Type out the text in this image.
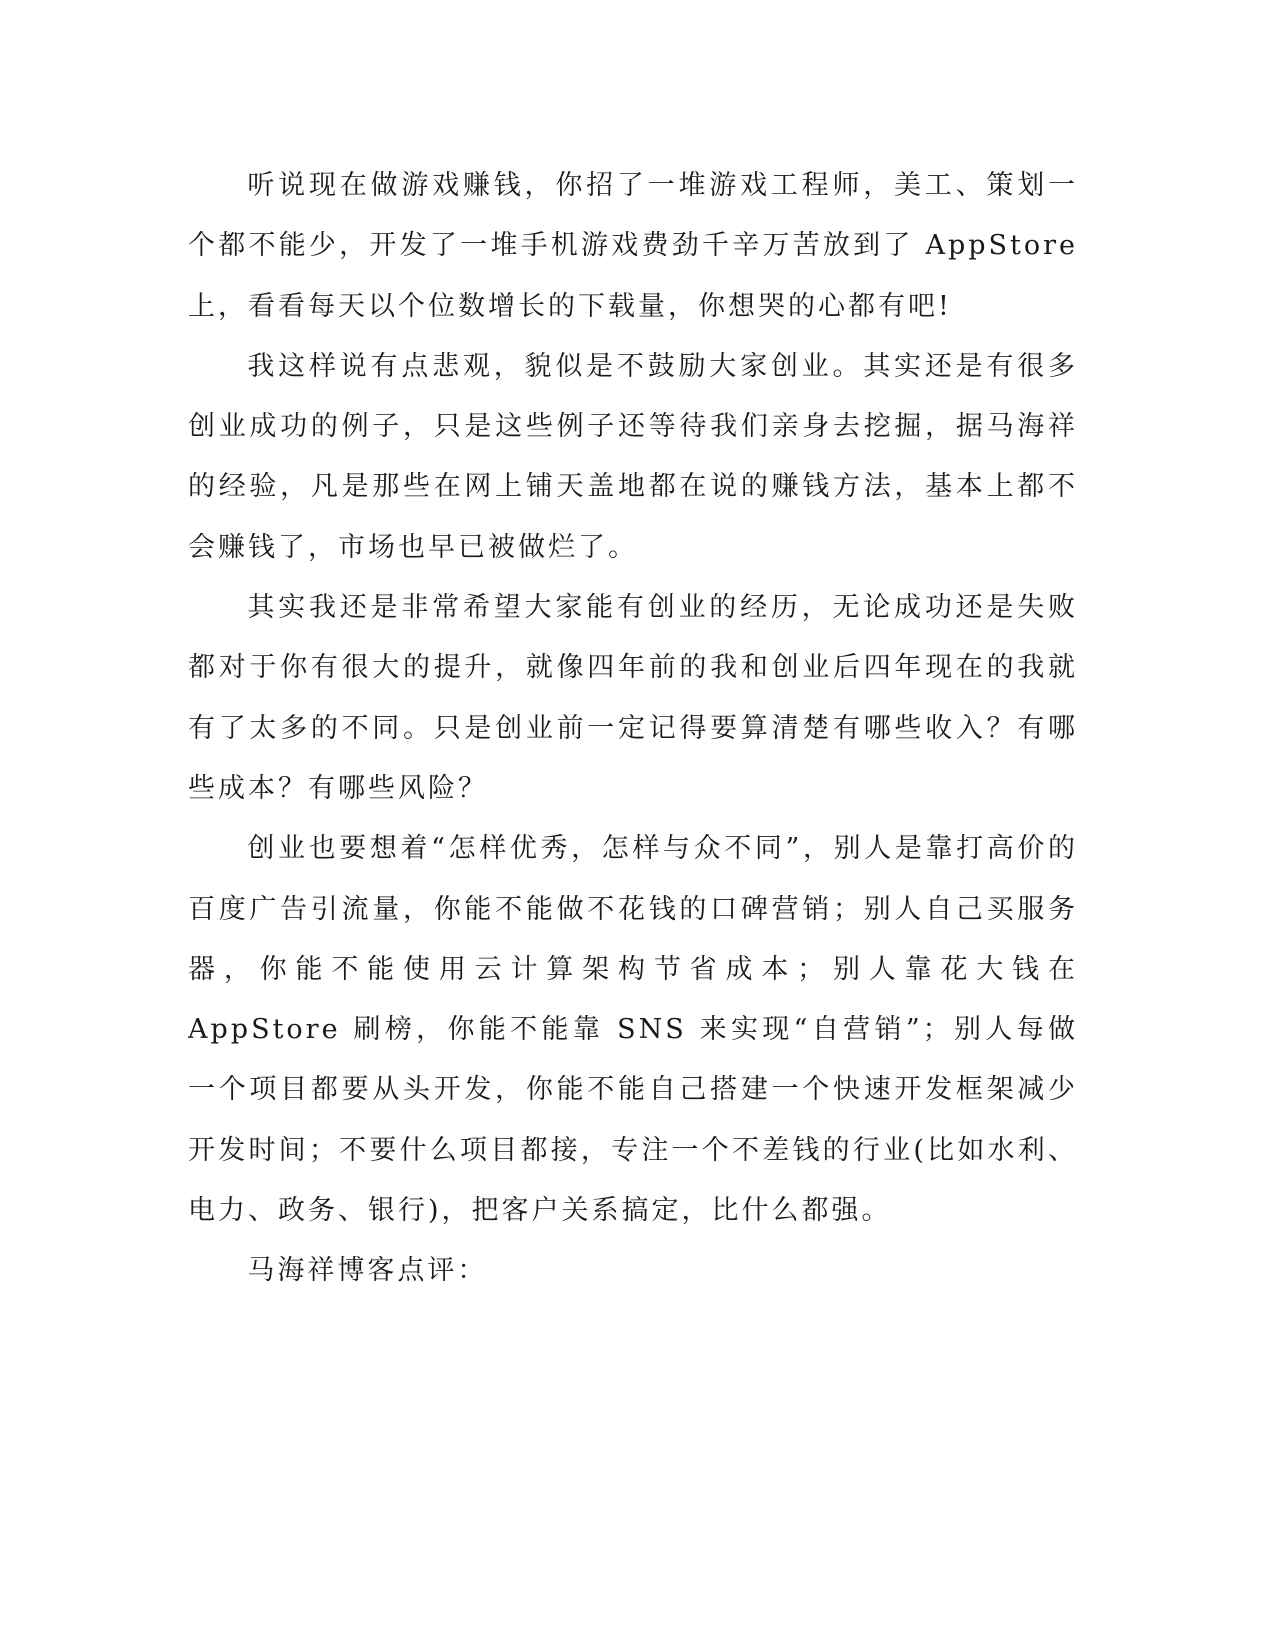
听说现在做游戏赚钱，你招了一堆游戏工程师，美工、策划一个都不能少，开发了一堆手机游戏费劲千辛万苦放到了 AppStore 上，看看每天以个位数增长的下载量，你想哭的心都有吧!

我这样说有点悲观，貌似是不鼓励大家创业。其实还是有很多创业成功的例子，只是这些例子还等待我们亲身去挖掘，据马海祥的经验，凡是那些在网上铺天盖地都在说的赚钱方法，基本上都不会赚钱了，市场也早已被做烂了。

其实我还是非常希望大家能有创业的经历，无论成功还是失败都对于你有很大的提升，就像四年前的我和创业后四年现在的我就有了太多的不同。只是创业前一定记得要算清楚有哪些收入？有哪些成本？有哪些风险？

创业也要想着“怎样优秀，怎样与众不同”，别人是靠打高价的百度广告引流量，你能不能做不花钱的口碑营销；别人自己买服务器，你能不能使用云计算架构节省成本；别人靠花大钱在 AppStore 刷榜，你能不能靠 SNS 来实现“自营销”；别人每做一个项目都要从头开发，你能不能自己搭建一个快速开发框架减少开发时间；不要什么项目都接，专注一个不差钱的行业(比如水利、电力、政务、银行)，把客户关系搞定，比什么都强。

马海祥博客点评：
